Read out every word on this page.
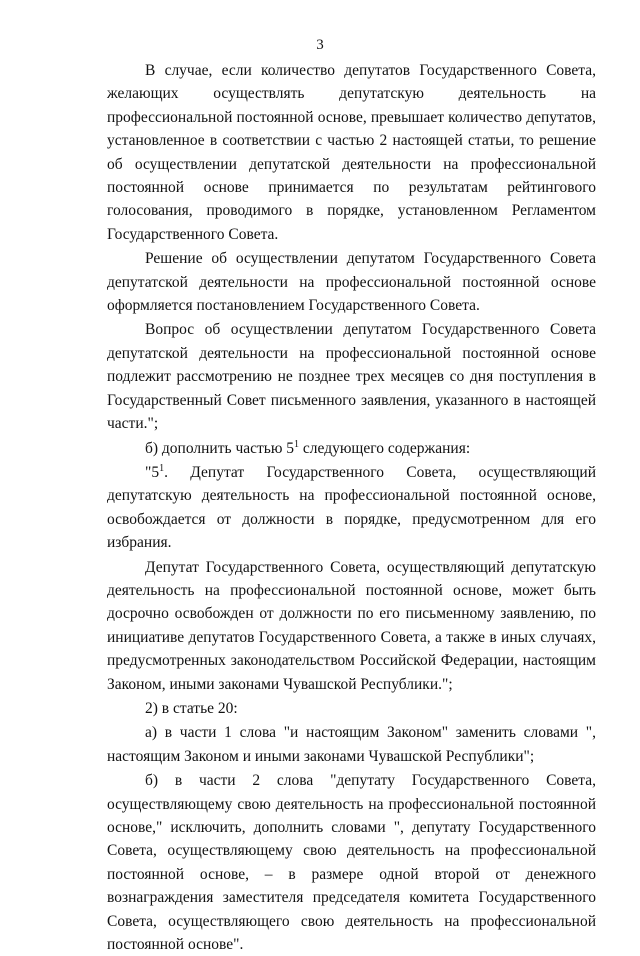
3

В случае, если количество депутатов Государственного Совета, желающих осуществлять депутатскую деятельность на профессиональной постоянной основе, превышает количество депутатов, установленное в соответствии с частью 2 настоящей статьи, то решение об осуществлении депутатской деятельности на профессиональной постоянной основе принимается по результатам рейтингового голосования, проводимого в порядке, установленном Регламентом Государственного Совета.

Решение об осуществлении депутатом Государственного Совета депутатской деятельности на профессиональной постоянной основе оформляется постановлением Государственного Совета.

Вопрос об осуществлении депутатом Государственного Совета депутатской деятельности на профессиональной постоянной основе подлежит рассмотрению не позднее трех месяцев со дня поступления в Государственный Совет письменного заявления, указанного в настоящей части.";

б) дополнить частью $5^1$ следующего содержания:

"$5^1$. Депутат Государственного Совета, осуществляющий депутатскую деятельность на профессиональной постоянной основе, освобождается от должности в порядке, предусмотренном для его избрания.

Депутат Государственного Совета, осуществляющий депутатскую деятельность на профессиональной постоянной основе, может быть досрочно освобожден от должности по его письменному заявлению, по инициативе депутатов Государственного Совета, а также в иных случаях, предусмотренных законодательством Российской Федерации, настоящим Законом, иными законами Чувашской Республики.";

2) в статье 20:

а) в части 1 слова "и настоящим Законом" заменить словами ", настоящим Законом и иными законами Чувашской Республики";

б) в части 2 слова "депутату Государственного Совета, осуществляющему свою деятельность на профессиональной постоянной основе," исключить, дополнить словами ", депутату Государственного Совета, осуществляющему свою деятельность на профессиональной постоянной основе, – в размере одной второй от денежного вознаграждения заместителя председателя комитета Государственного Совета, осуществляющего свою деятельность на профессиональной постоянной основе".
